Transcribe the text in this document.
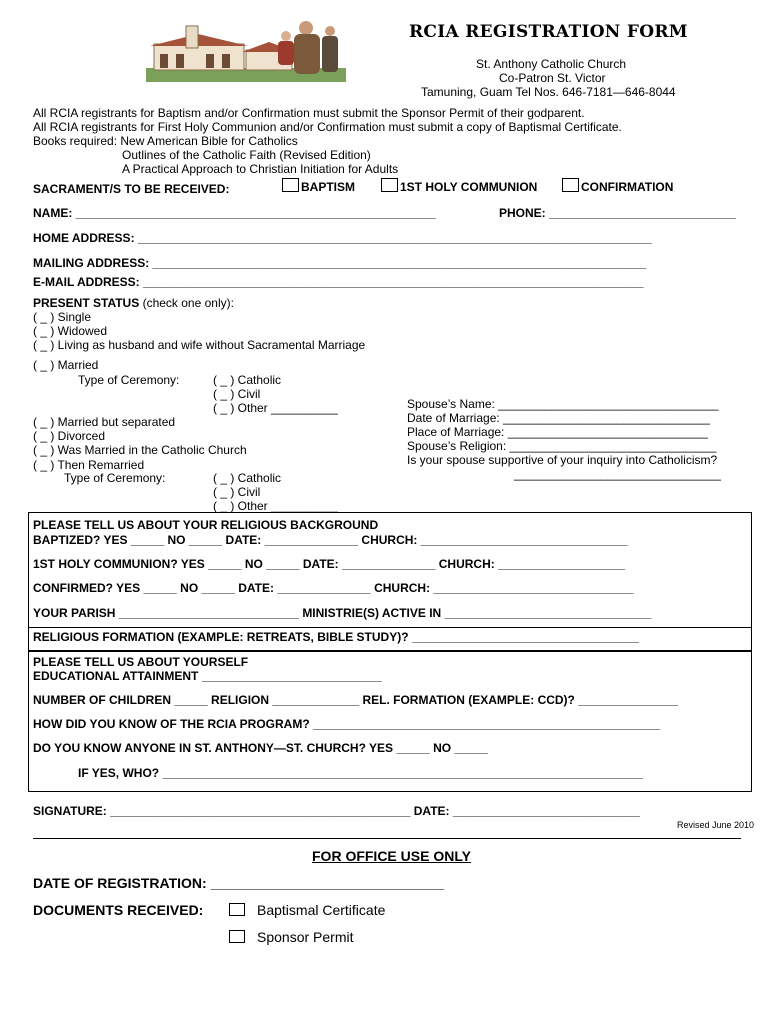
RCIA REGISTRATION FORM
St. Anthony Catholic Church
Co-Patron St. Victor
Tamuning, Guam Tel Nos. 646-7181—646-8044
All RCIA registrants for Baptism and/or Confirmation must submit the Sponsor Permit of their godparent.
All RCIA registrants for First Holy Communion and/or Confirmation must submit a copy of Baptismal Certificate.
Books required: New American Bible for Catholics
Outlines of the Catholic Faith (Revised Edition)
A Practical Approach to Christian Initiation for Adults
SACRAMENT/S TO BE RECEIVED:	BAPTISM	1ST HOLY COMMUNION	CONFIRMATION
NAME: ______________________________________________________	PHONE: ____________________________
HOME ADDRESS: _____________________________________________________________________________
MAILING ADDRESS: __________________________________________________________________________
E-MAIL ADDRESS: ___________________________________________________________________________
PRESENT STATUS (check one only):
( _ ) Single
( _ ) Widowed
( _ ) Living as husband and wife without Sacramental Marriage
( _ ) Married
Type of Ceremony:	( _ ) Catholic
( _ ) Civil
( _ ) Other __________
( _ ) Married but separated
( _ ) Divorced
( _ ) Was Married in the Catholic Church
( _ ) Then Remarried
Type of Ceremony:	( _ ) Catholic
( _ ) Civil
( _ ) Other __________
Spouse’s Name: _________________________________
Date of Marriage: _______________________________
Place of Marriage: ______________________________
Spouse’s Religion: _______________________________
Is your spouse supportive of your inquiry into Catholicism?
_______________________________
PLEASE TELL US ABOUT YOUR RELIGIOUS BACKGROUND
BAPTIZED? YES _____ NO _____ DATE: ______________ CHURCH: _______________________________
1ST HOLY COMMUNION? YES _____ NO _____ DATE: ______________ CHURCH: ___________________
CONFIRMED? YES _____ NO _____ DATE: ______________ CHURCH: ______________________________
YOUR PARISH ___________________________ MINISTRIE(S) ACTIVE IN _______________________________
RELIGIOUS FORMATION (EXAMPLE: RETREATS, BIBLE STUDY)? __________________________________
PLEASE TELL US ABOUT YOURSELF
EDUCATIONAL ATTAINMENT ___________________________
NUMBER OF CHILDREN _____ RELIGION _____________ REL. FORMATION (EXAMPLE: CCD)? _______________
HOW DID YOU KNOW OF THE RCIA PROGRAM? ____________________________________________________
DO YOU KNOW ANYONE IN ST. ANTHONY—ST. CHURCH? YES _____ NO _____
IF YES, WHO? ________________________________________________________________________
SIGNATURE: _____________________________________________ DATE: ____________________________
Revised June 2010
FOR OFFICE USE ONLY
DATE OF REGISTRATION: ______________________________
DOCUMENTS RECEIVED:	Baptismal Certificate
Sponsor Permit
